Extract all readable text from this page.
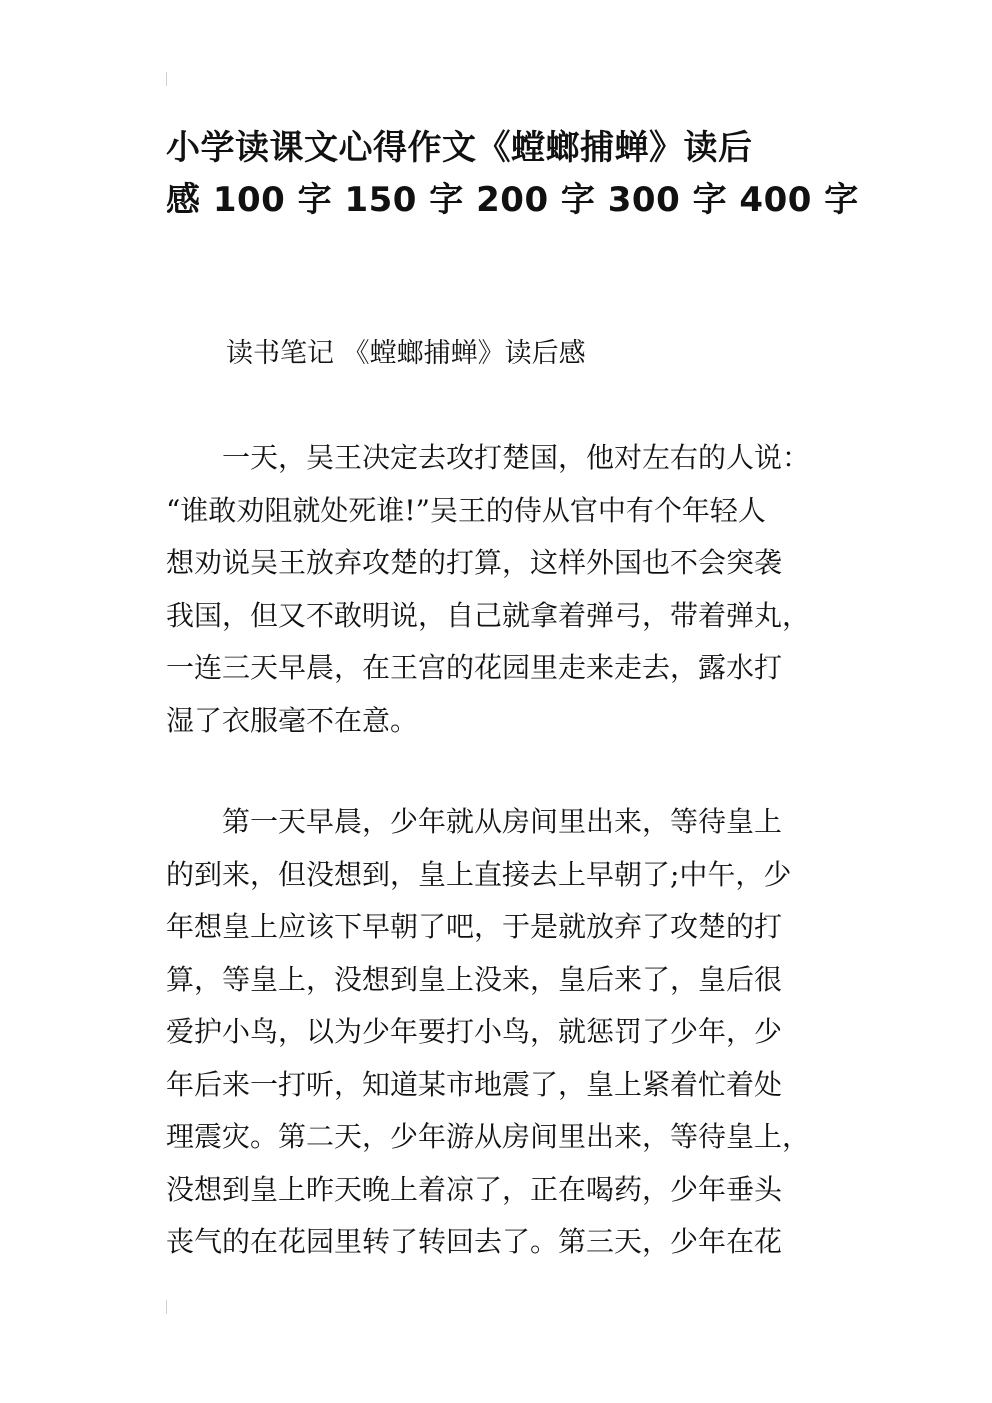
小学读课文心得作文《螳螂捕蝉》读后
感 100 字 150 字 200 字 300 字 400 字

读书笔记 《螳螂捕蝉》读后感

　　一天，吴王决定去攻打楚国，他对左右的人说：
“谁敢劝阻就处死谁!”吴王的侍从官中有个年轻人
想劝说吴王放弃攻楚的打算，这样外国也不会突袭
我国，但又不敢明说，自己就拿着弹弓，带着弹丸，
一连三天早晨，在王宫的花园里走来走去，露水打
湿了衣服毫不在意。

　　第一天早晨，少年就从房间里出来，等待皇上
的到来，但没想到，皇上直接去上早朝了;中午，少
年想皇上应该下早朝了吧，于是就放弃了攻楚的打
算，等皇上，没想到皇上没来，皇后来了，皇后很
爱护小鸟，以为少年要打小鸟，就惩罚了少年，少
年后来一打听，知道某市地震了，皇上紧着忙着处
理震灾。第二天，少年游从房间里出来，等待皇上，
没想到皇上昨天晚上着凉了，正在喝药，少年垂头
丧气的在花园里转了转回去了。第三天，少年在花
